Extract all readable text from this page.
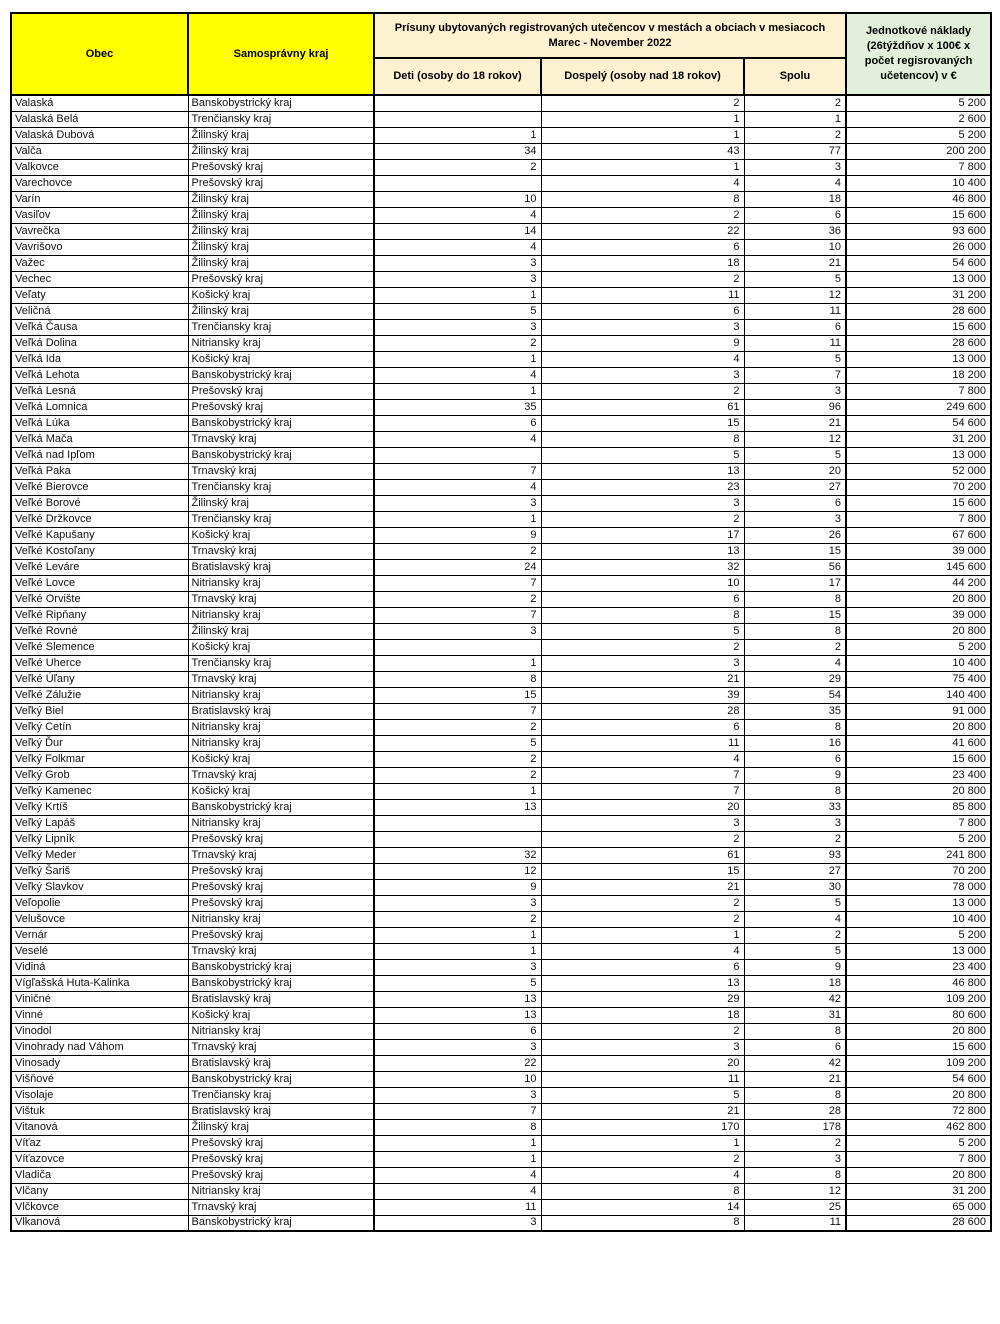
Obec	Samosprávny kraj	Prísuny ubytovaných registrovaných utečencov v mestách a obciach v mesiacoch Marec - November 2022			Jednotkové náklady (26týždňov x 100€ x počet regisrovaných učetencov) v €
		Deti (osoby do 18 rokov)	Dospelý (osoby nad 18 rokov)	Spolu	
Valaská	Banskobystrický kraj		2	2	5 200
Valaská Belá	Trenčiansky kraj		1	1	2 600
Valaská Dubová	Žilinský kraj	1	1	2	5 200
Valča	Žilinský kraj	34	43	77	200 200
Valkovce	Prešovský kraj	2	1	3	7 800
Varechovce	Prešovský kraj		4	4	10 400
Varín	Žilinský kraj	10	8	18	46 800
Vasiľov	Žilinský kraj	4	2	6	15 600
Vavrečka	Žilinský kraj	14	22	36	93 600
Vavrišovo	Žilinský kraj	4	6	10	26 000
Važec	Žilinský kraj	3	18	21	54 600
Vechec	Prešovský kraj	3	2	5	13 000
Veľaty	Košický kraj	1	11	12	31 200
Veličná	Žilinský kraj	5	6	11	28 600
Veľká Čausa	Trenčiansky kraj	3	3	6	15 600
Veľká Dolina	Nitriansky kraj	2	9	11	28 600
Veľká Ida	Košický kraj	1	4	5	13 000
Veľká Lehota	Banskobystrický kraj	4	3	7	18 200
Veľká Lesná	Prešovský kraj	1	2	3	7 800
Veľká Lomnica	Prešovský kraj	35	61	96	249 600
Veľká Lúka	Banskobystrický kraj	6	15	21	54 600
Veľká Mača	Trnavský kraj	4	8	12	31 200
Veľká nad Ipľom	Banskobystrický kraj		5	5	13 000
Veľká Paka	Trnavský kraj	7	13	20	52 000
Veľké Bierovce	Trenčiansky kraj	4	23	27	70 200
Veľké Borové	Žilinský kraj	3	3	6	15 600
Veľké Držkovce	Trenčiansky kraj	1	2	3	7 800
Veľké Kapušany	Košický kraj	9	17	26	67 600
Veľké Kostoľany	Trnavský kraj	2	13	15	39 000
Veľké Leváre	Bratislavský kraj	24	32	56	145 600
Veľké Lovce	Nitriansky kraj	7	10	17	44 200
Veľké Orvište	Trnavský kraj	2	6	8	20 800
Veľké Ripňany	Nitriansky kraj	7	8	15	39 000
Veľké Rovné	Žilinský kraj	3	5	8	20 800
Veľké Slemence	Košický kraj		2	2	5 200
Veľké Uherce	Trenčiansky kraj	1	3	4	10 400
Veľké Úľany	Trnavský kraj	8	21	29	75 400
Veľké Zálužie	Nitriansky kraj	15	39	54	140 400
Veľký Biel	Bratislavský kraj	7	28	35	91 000
Veľký Cetín	Nitriansky kraj	2	6	8	20 800
Veľký Ďur	Nitriansky kraj	5	11	16	41 600
Veľký Folkmar	Košický kraj	2	4	6	15 600
Veľký Grob	Trnavský kraj	2	7	9	23 400
Veľký Kamenec	Košický kraj	1	7	8	20 800
Veľký Krtíš	Banskobystrický kraj	13	20	33	85 800
Veľký Lapáš	Nitriansky kraj		3	3	7 800
Veľký Lipník	Prešovský kraj		2	2	5 200
Veľký Meder	Trnavský kraj	32	61	93	241 800
Veľký Šariš	Prešovský kraj	12	15	27	70 200
Veľký Slavkov	Prešovský kraj	9	21	30	78 000
Veľopolie	Prešovský kraj	3	2	5	13 000
Velušovce	Nitriansky kraj	2	2	4	10 400
Vernár	Prešovský kraj	1	1	2	5 200
Veselé	Trnavský kraj	1	4	5	13 000
Vidiná	Banskobystrický kraj	3	6	9	23 400
Vígľašská Huta-Kalinka	Banskobystrický kraj	5	13	18	46 800
Viničné	Bratislavský kraj	13	29	42	109 200
Vinné	Košický kraj	13	18	31	80 600
Vinodol	Nitriansky kraj	6	2	8	20 800
Vinohrady nad Váhom	Trnavský kraj	3	3	6	15 600
Vinosady	Bratislavský kraj	22	20	42	109 200
Višňové	Banskobystrický kraj	10	11	21	54 600
Visolaje	Trenčiansky kraj	3	5	8	20 800
Vištuk	Bratislavský kraj	7	21	28	72 800
Vitanová	Žilinský kraj	8	170	178	462 800
Víťaz	Prešovský kraj	1	1	2	5 200
Víťazovce	Prešovský kraj	1	2	3	7 800
Vladiča	Prešovský kraj	4	4	8	20 800
Vlčany	Nitriansky kraj	4	8	12	31 200
Vlčkovce	Trnavský kraj	11	14	25	65 000
Vlkanová	Banskobystrický kraj	3	8	11	28 600
